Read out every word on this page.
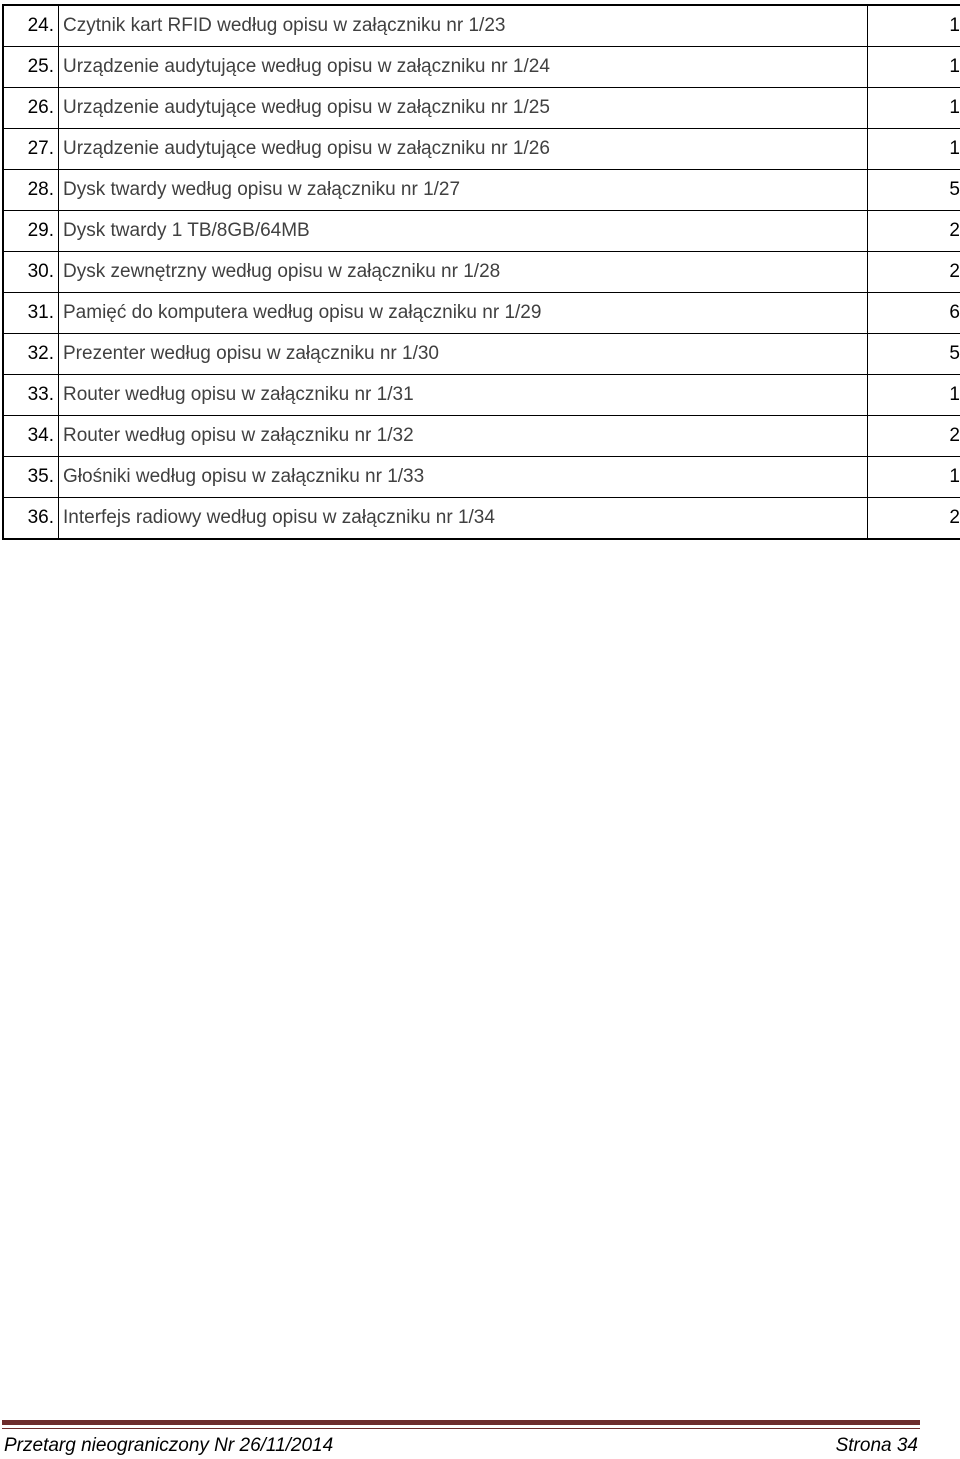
24.	Czytnik kart RFID według opisu w załączniku nr 1/23	1
25.	Urządzenie audytujące według opisu w załączniku nr 1/24	1
26.	Urządzenie audytujące według opisu w załączniku nr 1/25	1
27.	Urządzenie audytujące według opisu w załączniku nr 1/26	1
28.	Dysk twardy według opisu w załączniku nr 1/27	5
29.	Dysk twardy 1 TB/8GB/64MB	2
30.	Dysk zewnętrzny według opisu w załączniku nr 1/28	2
31.	Pamięć do komputera według opisu w załączniku nr 1/29	6
32.	Prezenter według opisu w załączniku nr 1/30	5
33.	Router według opisu w załączniku nr 1/31	1
34.	Router według opisu w załączniku nr 1/32	2
35.	Głośniki według opisu w załączniku nr 1/33	1
36.	Interfejs radiowy według opisu w załączniku nr 1/34	2
Przetarg nieograniczony Nr 26/11/2014	Strona 34
